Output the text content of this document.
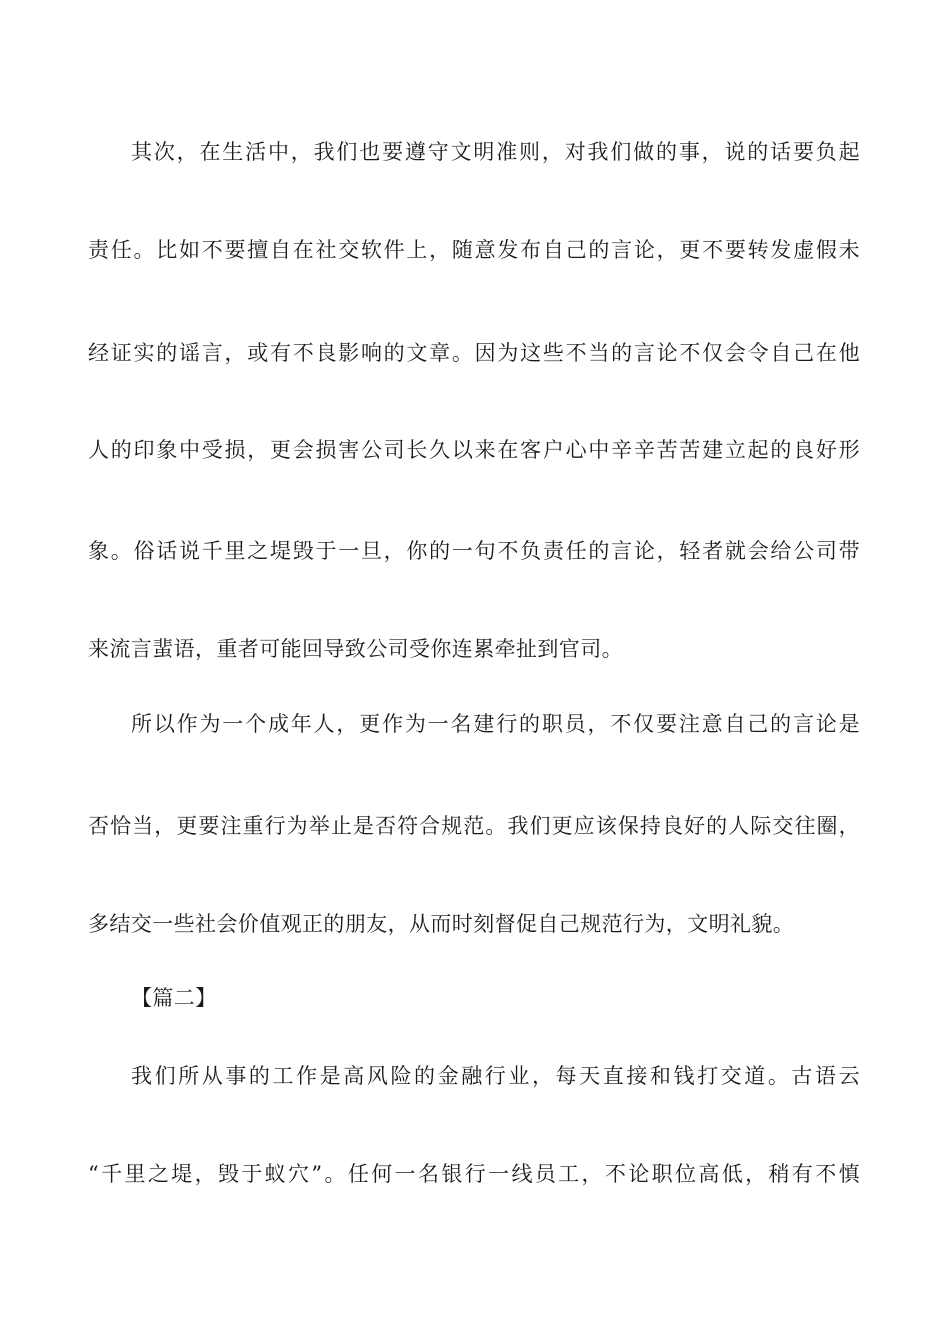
其次，在生活中，我们也要遵守文明准则，对我们做的事，说的话要负起
责任。比如不要擅自在社交软件上，随意发布自己的言论，更不要转发虚假未
经证实的谣言，或有不良影响的文章。因为这些不当的言论不仅会令自己在他
人的印象中受损，更会损害公司长久以来在客户心中辛辛苦苦建立起的良好形
象。俗话说千里之堤毁于一旦，你的一句不负责任的言论，轻者就会给公司带
来流言蜚语，重者可能回导致公司受你连累牵扯到官司。
所以作为一个成年人，更作为一名建行的职员，不仅要注意自己的言论是
否恰当，更要注重行为举止是否符合规范。我们更应该保持良好的人际交往圈，
多结交一些社会价值观正的朋友，从而时刻督促自己规范行为，文明礼貌。
【篇二】
我们所从事的工作是高风险的金融行业，每天直接和钱打交道。古语云
“千里之堤，毁于蚁穴”。任何一名银行一线员工，不论职位高低，稍有不慎
